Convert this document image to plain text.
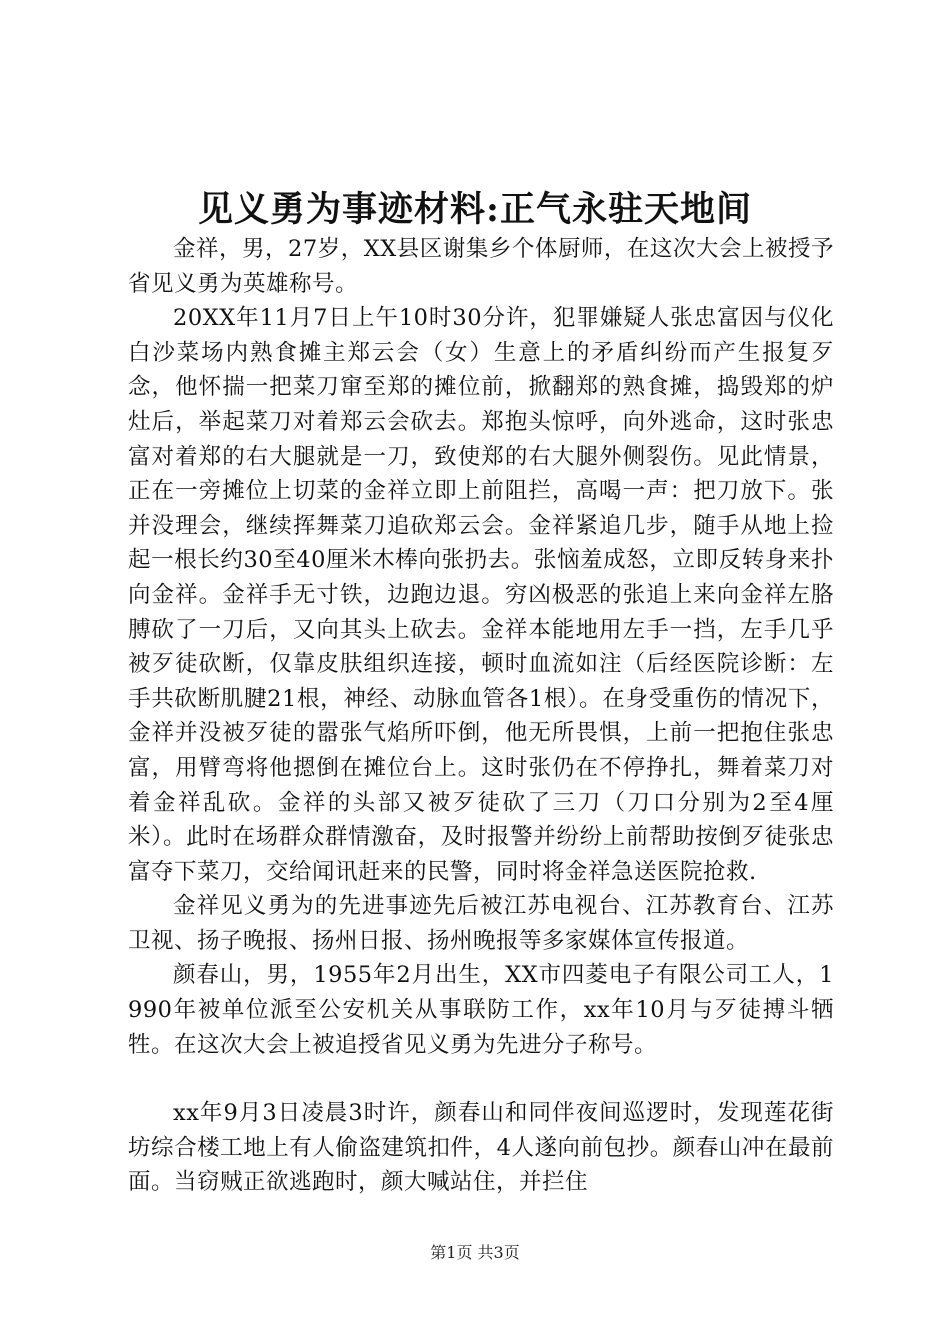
见义勇为事迹材料:正气永驻天地间

金祥，男，27岁，XX县区谢集乡个体厨师，在这次大会上被授予省见义勇为英雄称号。

20XX年11月7日上午10时30分许，犯罪嫌疑人张忠富因与仪化白沙菜场内熟食摊主郑云会（女）生意上的矛盾纠纷而产生报复歹念，他怀揣一把菜刀窜至郑的摊位前，掀翻郑的熟食摊，捣毁郑的炉灶后，举起菜刀对着郑云会砍去。郑抱头惊呼，向外逃命，这时张忠富对着郑的右大腿就是一刀，致使郑的右大腿外侧裂伤。见此情景，正在一旁摊位上切菜的金祥立即上前阻拦，高喝一声：把刀放下。张并没理会，继续挥舞菜刀追砍郑云会。金祥紧追几步，随手从地上捡起一根长约30至40厘米木棒向张扔去。张恼羞成怒，立即反转身来扑向金祥。金祥手无寸铁，边跑边退。穷凶极恶的张追上来向金祥左胳膊砍了一刀后，又向其头上砍去。金祥本能地用左手一挡，左手几乎被歹徒砍断，仅靠皮肤组织连接，顿时血流如注（后经医院诊断：左手共砍断肌腱21根，神经、动脉血管各1根）。在身受重伤的情况下，金祥并没被歹徒的嚣张气焰所吓倒，他无所畏惧，上前一把抱住张忠富，用臂弯将他摁倒在摊位台上。这时张仍在不停挣扎，舞着菜刀对着金祥乱砍。金祥的头部又被歹徒砍了三刀（刀口分别为2至4厘米）。此时在场群众群情激奋，及时报警并纷纷上前帮助按倒歹徒张忠富夺下菜刀，交给闻讯赶来的民警，同时将金祥急送医院抢救.

金祥见义勇为的先进事迹先后被江苏电视台、江苏教育台、江苏卫视、扬子晚报、扬州日报、扬州晚报等多家媒体宣传报道。

颜春山，男，1955年2月出生，XX市四菱电子有限公司工人，1990年被单位派至公安机关从事联防工作，xx年10月与歹徒搏斗牺牲。在这次大会上被追授省见义勇为先进分子称号。

xx年9月3日凌晨3时许，颜春山和同伴夜间巡逻时，发现莲花街坊综合楼工地上有人偷盗建筑扣件，4人遂向前包抄。颜春山冲在最前面。当窃贼正欲逃跑时，颜大喊站住，并拦住

第1页 共3页
